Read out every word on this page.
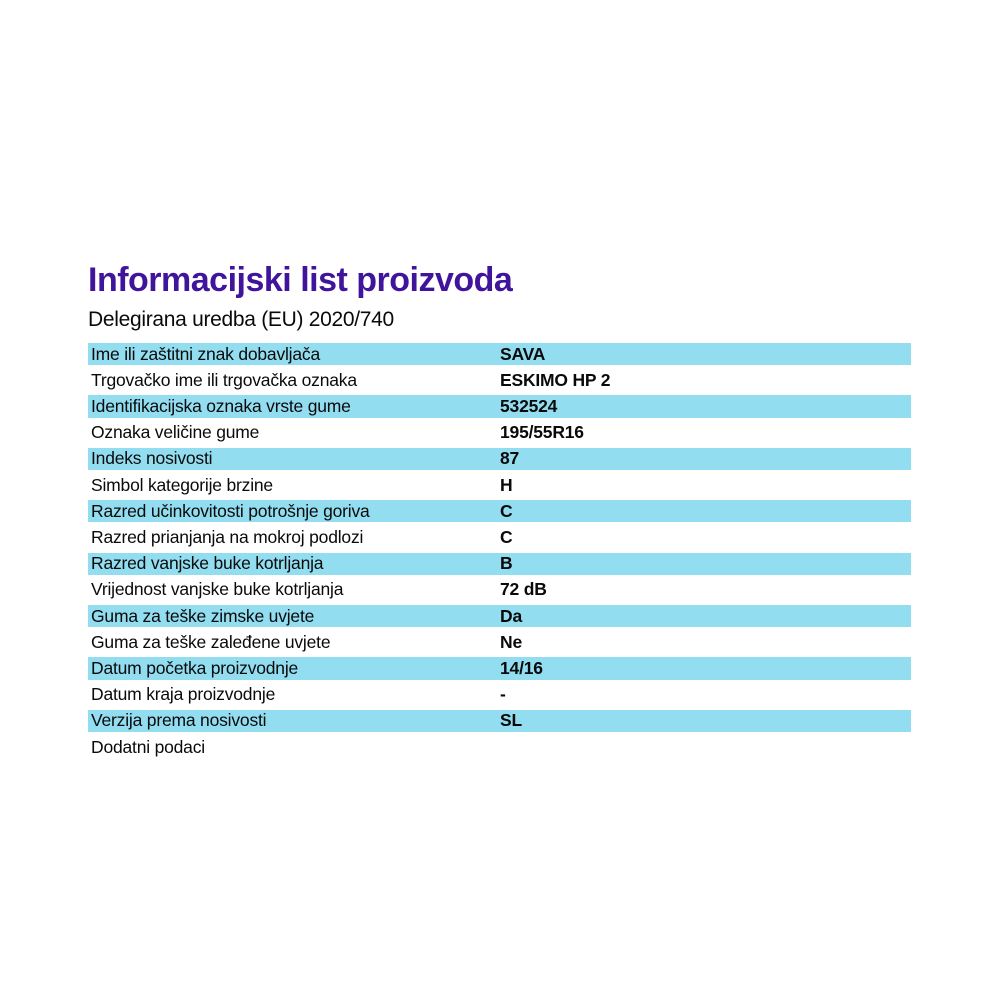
Informacijski list proizvoda
Delegirana uredba (EU) 2020/740
Ime ili zaštitni znak dobavljača	SAVA
Trgovačko ime ili trgovačka oznaka	ESKIMO HP 2
Identifikacijska oznaka vrste gume	532524
Oznaka veličine gume	195/55R16
Indeks nosivosti	87
Simbol kategorije brzine	H
Razred učinkovitosti potrošnje goriva	C
Razred prianjanja na mokroj podlozi	C
Razred vanjske buke kotrljanja	B
Vrijednost vanjske buke kotrljanja	72 dB
Guma za teške zimske uvjete	Da
Guma za teške zaleđene uvjete	Ne
Datum početka proizvodnje	14/16
Datum kraja proizvodnje	-
Verzija prema nosivosti	SL
Dodatni podaci
